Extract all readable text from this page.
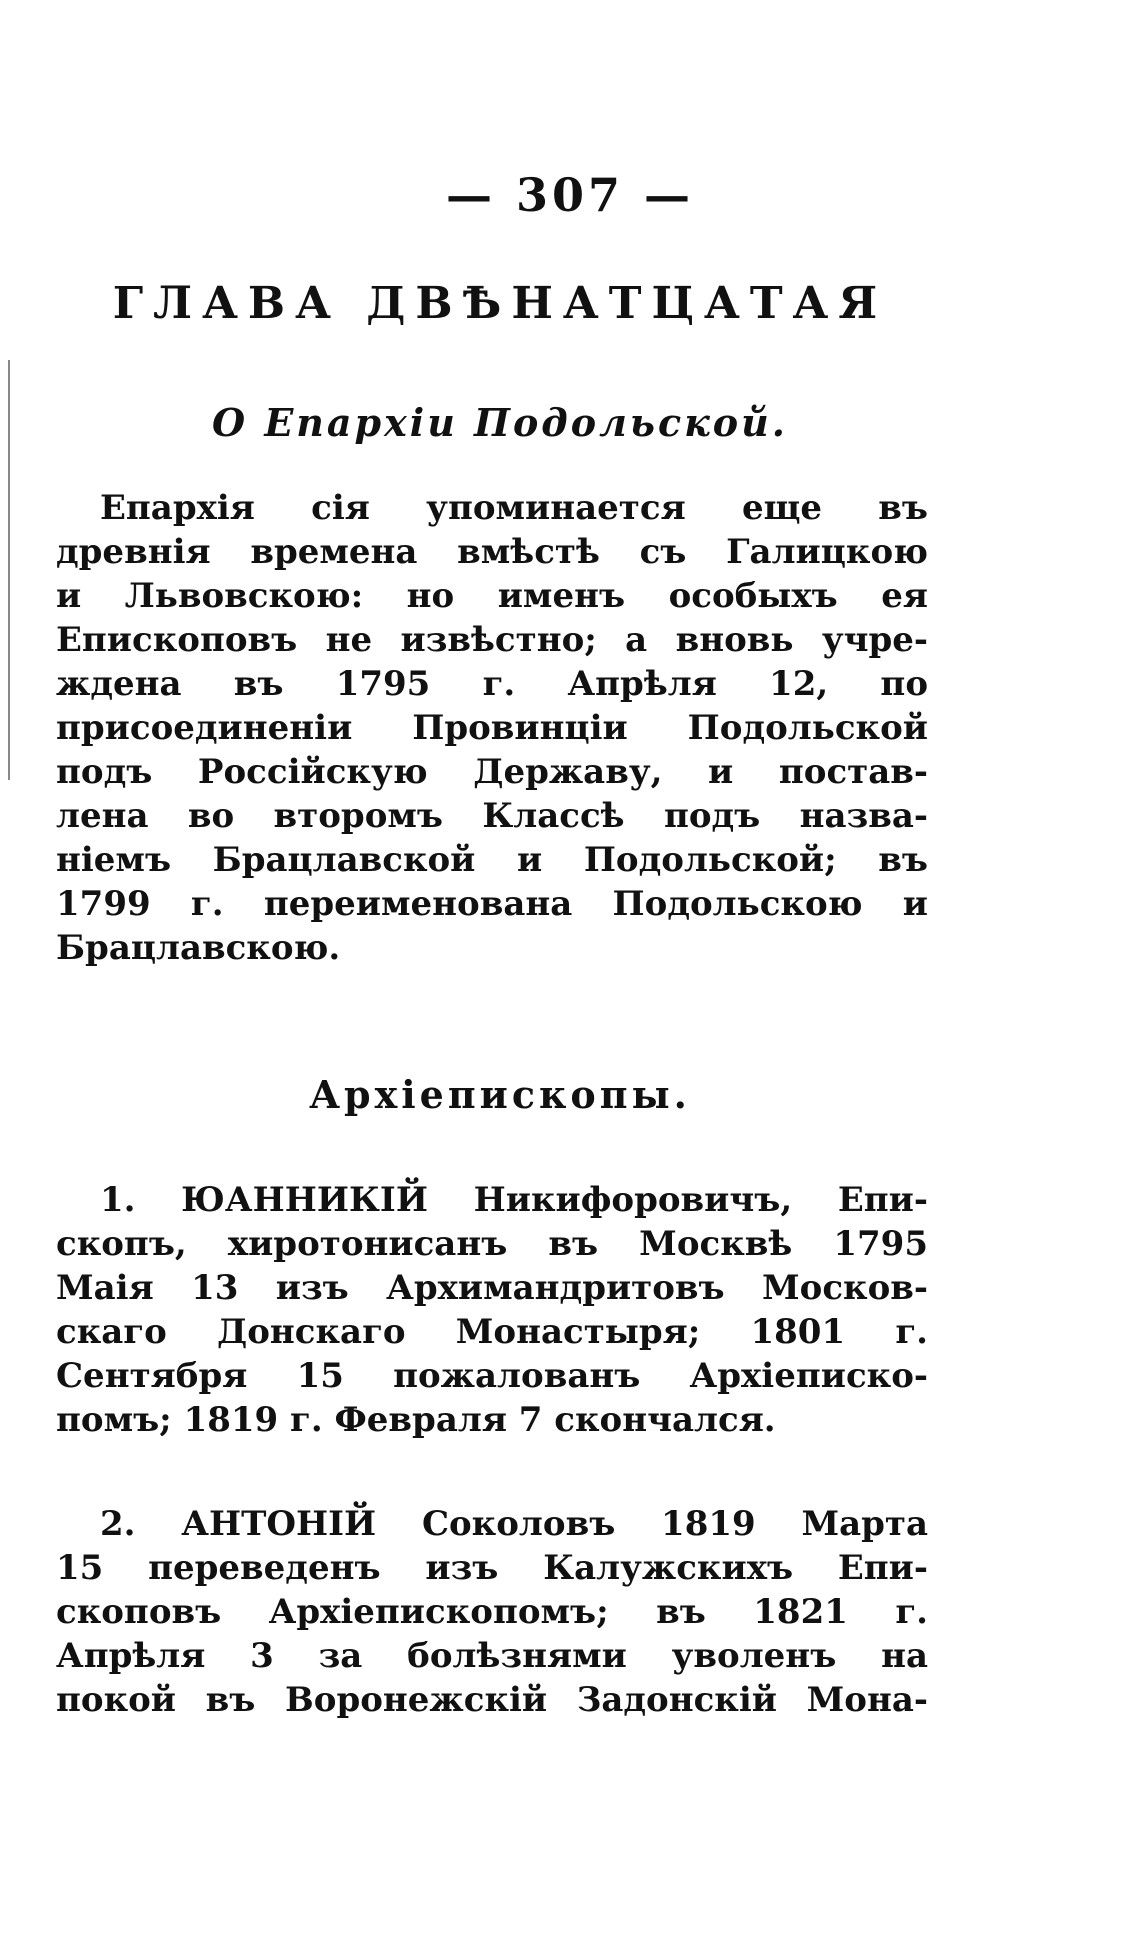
— 307 —
ГЛАВА ДВѢНАТЦАТАЯ
О Епархіи Подольской.
Епархія сія упоминается еще въ
древнія времена вмѣстѣ съ Галицкою
и Львовскою: но именъ особыхъ ея
Епископовъ не извѣстно; а вновь учре-
ждена въ 1795 г. Апрѣля 12, по
присоединеніи Провинціи Подольской
подъ Россійскую Державу, и постав-
лена во второмъ Классѣ подъ назва-
ніемъ Брацлавской и Подольской; въ
1799 г. переименована Подольскою и
Брацлавскою.
Архіепископы.
1. ЮАННИКІЙ Никифоровичъ, Епи-
скопъ, хиротонисанъ въ Москвѣ 1795
Маія 13 изъ Архимандритовъ Москов-
скаго Донскаго Монастыря; 1801 г.
Сентября 15 пожалованъ Архіеписко-
помъ; 1819 г. Февраля 7 скончался.
2. АНТОНІЙ Соколовъ 1819 Марта
15 переведенъ изъ Калужскихъ Епи-
скоповъ Архіепископомъ; въ 1821 г.
Апрѣля 3 за болѣзнями уволенъ на
покой въ Воронежскій Задонскій Мона-
